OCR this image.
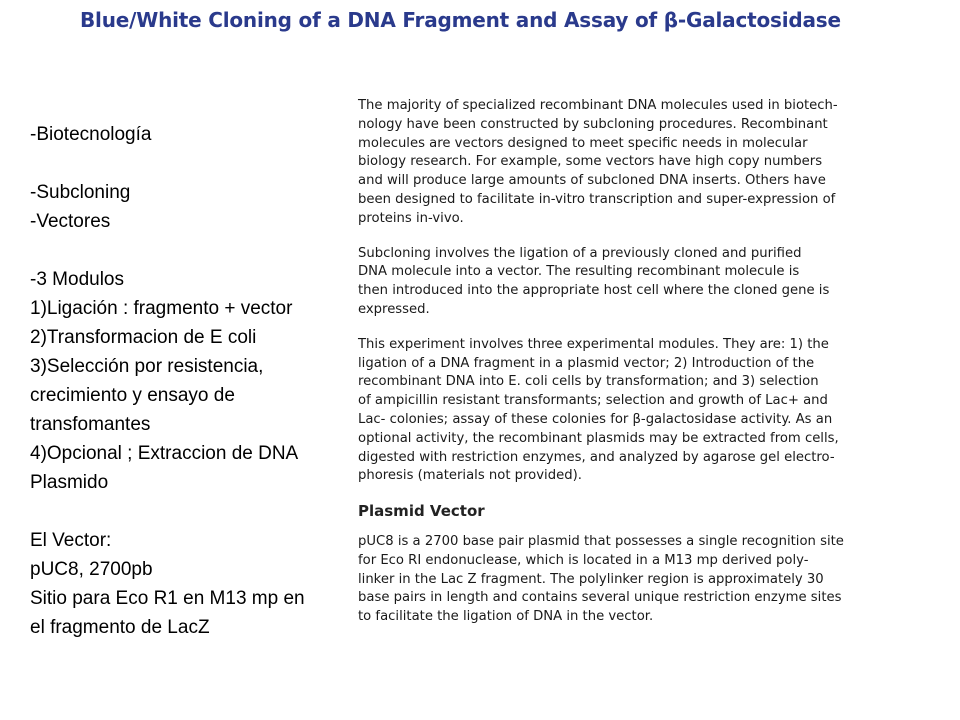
Blue/White Cloning of a DNA Fragment and Assay of β-Galactosidase
-Biotecnología
-Subcloning
-Vectores
-3 Modulos
1)Ligación : fragmento + vector
2)Transformacion de E coli
3)Selección por resistencia,
crecimiento y ensayo de
transfomantes
4)Opcional ; Extraccion de DNA
Plasmido
El Vector:
pUC8, 2700pb
Sitio para Eco R1 en M13 mp en
el fragmento de LacZ
The majority of specialized recombinant DNA molecules used in biotech-
nology have been constructed by subcloning procedures. Recombinant
molecules are vectors designed to meet specific needs in molecular
biology research. For example, some vectors have high copy numbers
and will produce large amounts of subcloned DNA inserts. Others have
been designed to facilitate in-vitro transcription and super-expression of
proteins in-vivo.
Subcloning involves the ligation of a previously cloned and purified
DNA molecule into a vector. The resulting recombinant molecule is
then introduced into the appropriate host cell where the cloned gene is
expressed.
This experiment involves three experimental modules. They are: 1) the
ligation of a DNA fragment in a plasmid vector; 2) Introduction of the
recombinant DNA into E. coli cells by transformation; and 3) selection
of ampicillin resistant transformants; selection and growth of Lac+ and
Lac- colonies; assay of these colonies for β-galactosidase activity. As an
optional activity, the recombinant plasmids may be extracted from cells,
digested with restriction enzymes, and analyzed by agarose gel electro-
phoresis (materials not provided).
Plasmid Vector
pUC8 is a 2700 base pair plasmid that possesses a single recognition site
for Eco RI endonuclease, which is located in a M13 mp derived poly-
linker in the Lac Z fragment. The polylinker region is approximately 30
base pairs in length and contains several unique restriction enzyme sites
to facilitate the ligation of DNA in the vector.
